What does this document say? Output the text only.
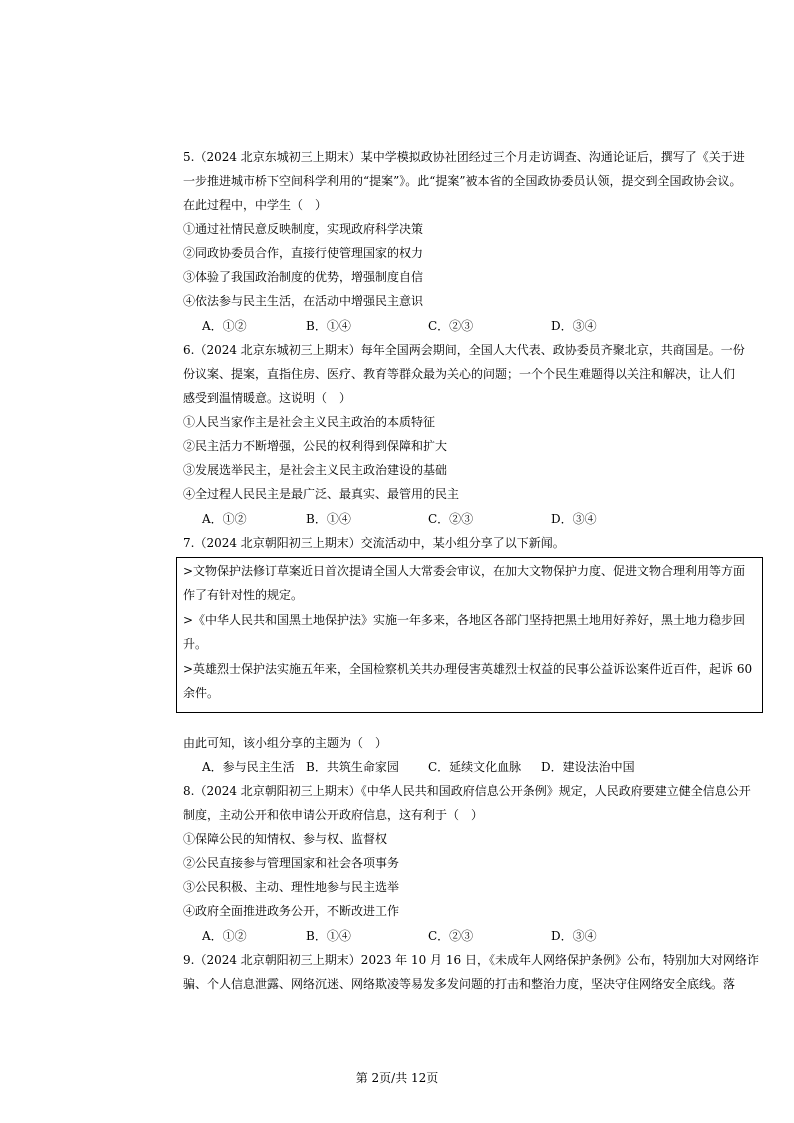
5.（2024 北京东城初三上期末）某中学模拟政协社团经过三个月走访调查、沟通论证后，撰写了《关于进
一步推进城市桥下空间科学利用的“提案”》。此“提案”被本省的全国政协委员认领，提交到全国政协会议。
在此过程中，中学生（　）
①通过社情民意反映制度，实现政府科学决策
②同政协委员合作，直接行使管理国家的权力
③体验了我国政治制度的优势，增强制度自信
④依法参与民主生活，在活动中增强民主意识
A．①②	B．①④	C．②③	D．③④
6.（2024 北京东城初三上期末）每年全国两会期间，全国人大代表、政协委员齐聚北京，共商国是。一份
份议案、提案，直指住房、医疗、教育等群众最为关心的问题；一个个民生难题得以关注和解决，让人们
感受到温情暖意。这说明（　）
①人民当家作主是社会主义民主政治的本质特征
②民主活力不断增强，公民的权利得到保障和扩大
③发展选举民主，是社会主义民主政治建设的基础
④全过程人民民主是最广泛、最真实、最管用的民主
A．①②	B．①④	C．②③	D．③④
7.（2024 北京朝阳初三上期末）交流活动中，某小组分享了以下新闻。
>文物保护法修订草案近日首次提请全国人大常委会审议，在加大文物保护力度、促进文物合理利用等方面
作了有针对性的规定。
>《中华人民共和国黑土地保护法》实施一年多来，各地区各部门坚持把黑土地用好养好，黑土地力稳步回
升。
>英雄烈士保护法实施五年来，全国检察机关共办理侵害英雄烈士权益的民事公益诉讼案件近百件，起诉 60
余件。
由此可知，该小组分享的主题为（　）
A．参与民主生活 B．共筑生命家园 C．延续文化血脉 D．建设法治中国
8.（2024 北京朝阳初三上期末）《中华人民共和国政府信息公开条例》规定，人民政府要建立健全信息公开
制度，主动公开和依申请公开政府信息，这有利于（　）
①保障公民的知情权、参与权、监督权
②公民直接参与管理国家和社会各项事务
③公民积极、主动、理性地参与民主选举
④政府全面推进政务公开，不断改进工作
A．①②	B．①④	C．②③	D．③④
9.（2024 北京朝阳初三上期末）2023 年 10 月 16 日，《未成年人网络保护条例》公布，特别加大对网络诈
骗、个人信息泄露、网络沉迷、网络欺凌等易发多发问题的打击和整治力度，坚决守住网络安全底线。落
第 2页/共 12页
